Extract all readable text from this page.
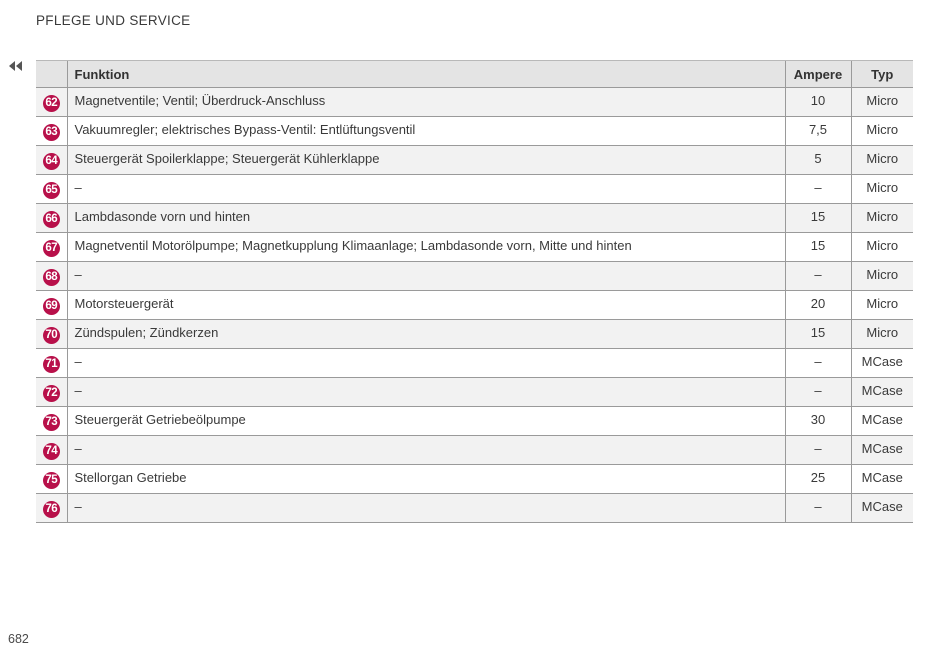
PFLEGE UND SERVICE
	Funktion	Ampere	Typ
62	Magnetventile; Ventil; Überdruck-Anschluss	10	Micro
63	Vakuumregler; elektrisches Bypass-Ventil: Entlüftungsventil	7,5	Micro
64	Steuergerät Spoilerklappe; Steuergerät Kühlerklappe	5	Micro
65	–	–	Micro
66	Lambdasonde vorn und hinten	15	Micro
67	Magnetventil Motorölpumpe; Magnetkupplung Klimaanlage; Lambdasonde vorn, Mitte und hinten	15	Micro
68	–	–	Micro
69	Motorsteuergerät	20	Micro
70	Zündspulen; Zündkerzen	15	Micro
71	–	–	MCase
72	–	–	MCase
73	Steuergerät Getriebeölpumpe	30	MCase
74	–	–	MCase
75	Stellorgan Getriebe	25	MCase
76	–	–	MCase
682
